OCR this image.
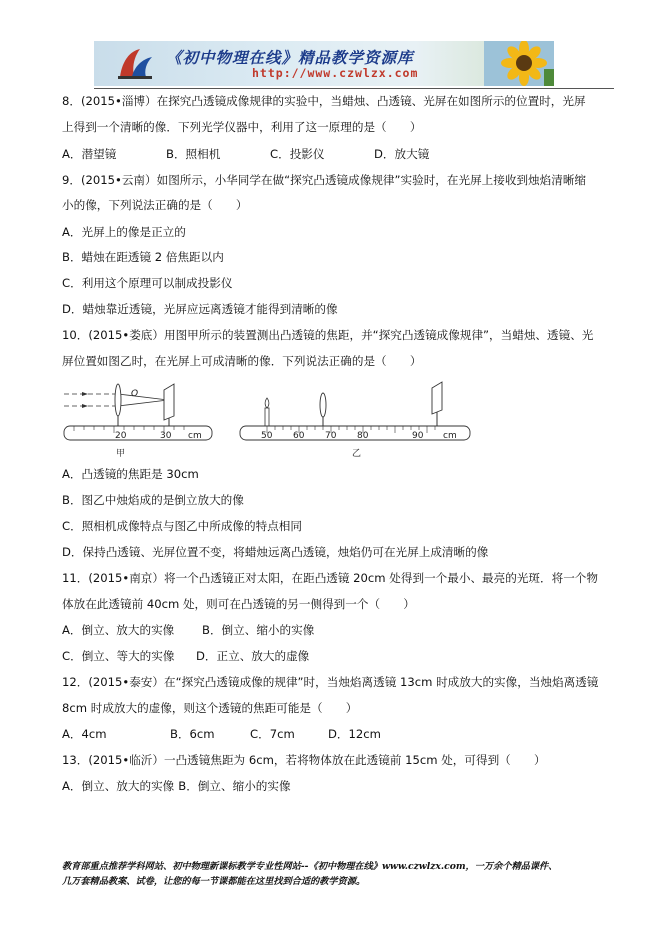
《初中物理在线》精品教学资源库
http://www.czwlzx.com
8．(2015•淄博）在探究凸透镜成像规律的实验中，当蜡烛、凸透镜、光屏在如图所示的位置时，光屏
上得到一个清晰的像．下列光学仪器中，利用了这一原理的是（　　）
A．潜望镜	B．照相机	C．投影仪	D．放大镜
9．(2015•云南）如图所示，小华同学在做“探究凸透镜成像规律”实验时，在光屏上接收到烛焰清晰缩
小的像，下列说法正确的是（　　）
A．光屏上的像是正立的
B．蜡烛在距透镜 2 倍焦距以内
C．利用这个原理可以制成投影仪
D．蜡烛靠近透镜，光屏应远离透镜才能得到清晰的像
10．(2015•娄底）用图甲所示的装置测出凸透镜的焦距，并“探究凸透镜成像规律”，当蜡烛、透镜、光
屏位置如图乙时，在光屏上可成清晰的像．下列说法正确的是（　　）
O
20	30 cm
甲
50 60 70 80	90 cm
乙
A．凸透镜的焦距是 30cm
B．图乙中烛焰成的是倒立放大的像
C．照相机成像特点与图乙中所成像的特点相同
D．保持凸透镜、光屏位置不变，将蜡烛远离凸透镜，烛焰仍可在光屏上成清晰的像
11．(2015•南京）将一个凸透镜正对太阳，在距凸透镜 20cm 处得到一个最小、最亮的光斑．将一个物
体放在此透镜前 40cm 处，则可在凸透镜的另一侧得到一个（　　）
A．倒立、放大的实像 B．倒立、缩小的实像
C．倒立、等大的实像 D．正立、放大的虚像
12．(2015•泰安）在“探究凸透镜成像的规律”时，当烛焰离透镜 13cm 时成放大的实像，当烛焰离透镜
8cm 时成放大的虚像，则这个透镜的焦距可能是（　　）
A．4cm	B．6cm	C．7cm	D．12cm
13．(2015•临沂）一凸透镜焦距为 6cm，若将物体放在此透镜前 15cm 处，可得到（　　）
A．倒立、放大的实像 B．倒立、缩小的实像
教育部重点推荐学科网站、初中物理新课标教学专业性网站--《初中物理在线》www.czwlzx.com，一万余个精品课件、
几万套精品教案、试卷，让您的每一节课都能在这里找到合适的教学资源。
